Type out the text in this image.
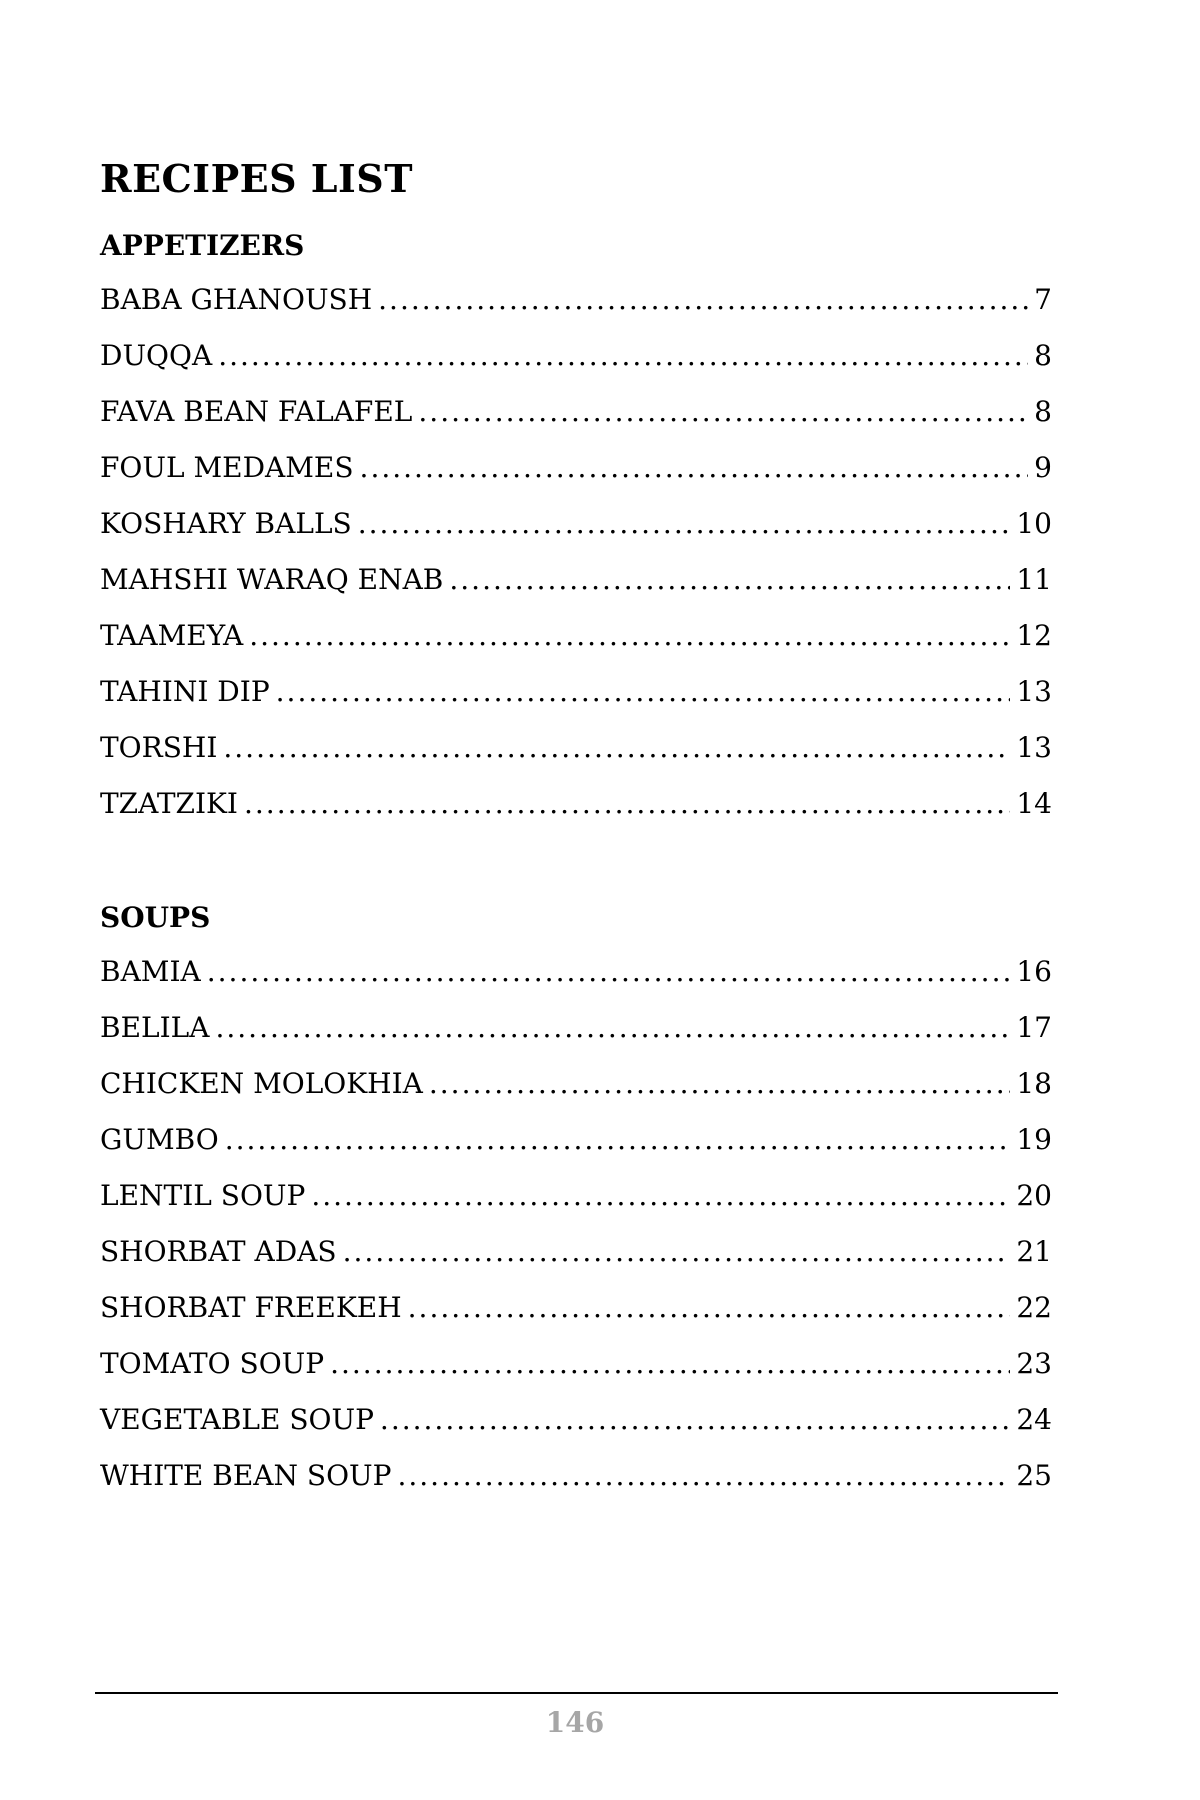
RECIPES LIST
APPETIZERS
BABA GHANOUSH .....	7
DUQQA .....	8
FAVA BEAN FALAFEL .....	8
FOUL MEDAMES .....	9
KOSHARY BALLS .....	10
MAHSHI WARAQ ENAB .....	11
TAAMEYA .....	12
TAHINI DIP .....	13
TORSHI .....	13
TZATZIKI .....	14
SOUPS
BAMIA .....	16
BELILA .....	17
CHICKEN MOLOKHIA .....	18
GUMBO .....	19
LENTIL SOUP .....	20
SHORBAT ADAS .....	21
SHORBAT FREEKEH .....	22
TOMATO SOUP .....	23
VEGETABLE SOUP .....	24
WHITE BEAN SOUP .....	25
146
